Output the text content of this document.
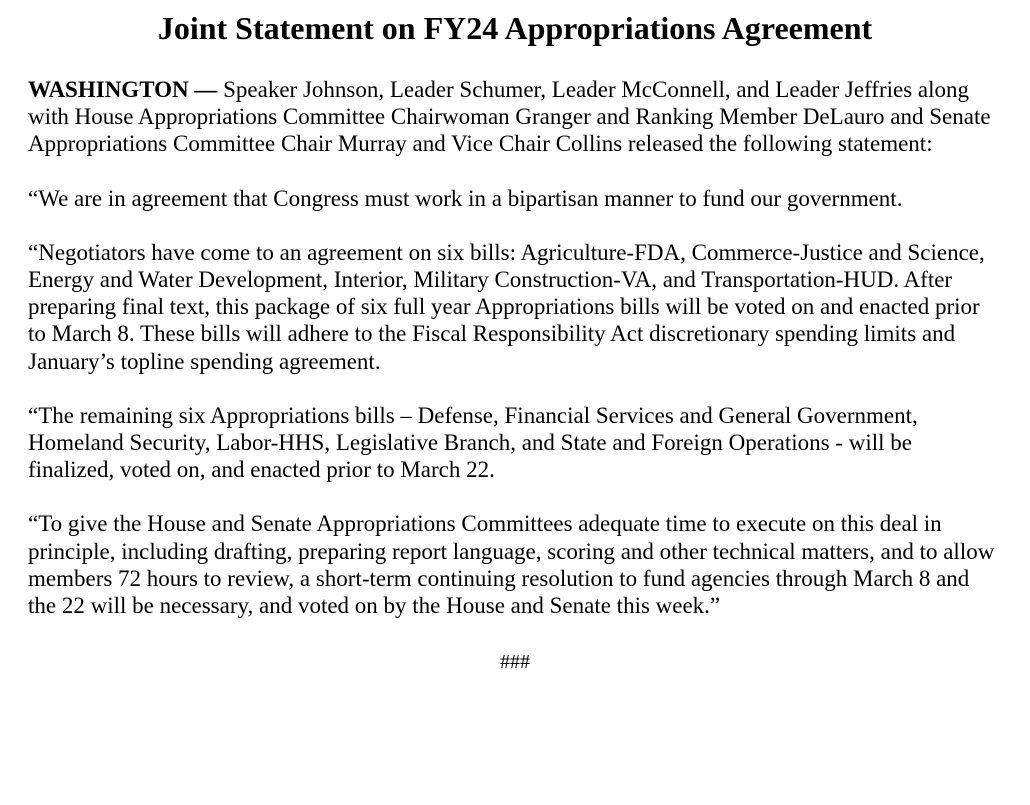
Joint Statement on FY24 Appropriations Agreement

WASHINGTON — Speaker Johnson, Leader Schumer, Leader McConnell, and Leader Jeffries along with House Appropriations Committee Chairwoman Granger and Ranking Member DeLauro and Senate Appropriations Committee Chair Murray and Vice Chair Collins released the following statement:

“We are in agreement that Congress must work in a bipartisan manner to fund our government.

“Negotiators have come to an agreement on six bills: Agriculture-FDA, Commerce-Justice and Science, Energy and Water Development, Interior, Military Construction-VA, and Transportation-HUD. After preparing final text, this package of six full year Appropriations bills will be voted on and enacted prior to March 8. These bills will adhere to the Fiscal Responsibility Act discretionary spending limits and January’s topline spending agreement.

“The remaining six Appropriations bills – Defense, Financial Services and General Government, Homeland Security, Labor-HHS, Legislative Branch, and State and Foreign Operations - will be finalized, voted on, and enacted prior to March 22.

“To give the House and Senate Appropriations Committees adequate time to execute on this deal in principle, including drafting, preparing report language, scoring and other technical matters, and to allow members 72 hours to review, a short-term continuing resolution to fund agencies through March 8 and the 22 will be necessary, and voted on by the House and Senate this week.”

###
